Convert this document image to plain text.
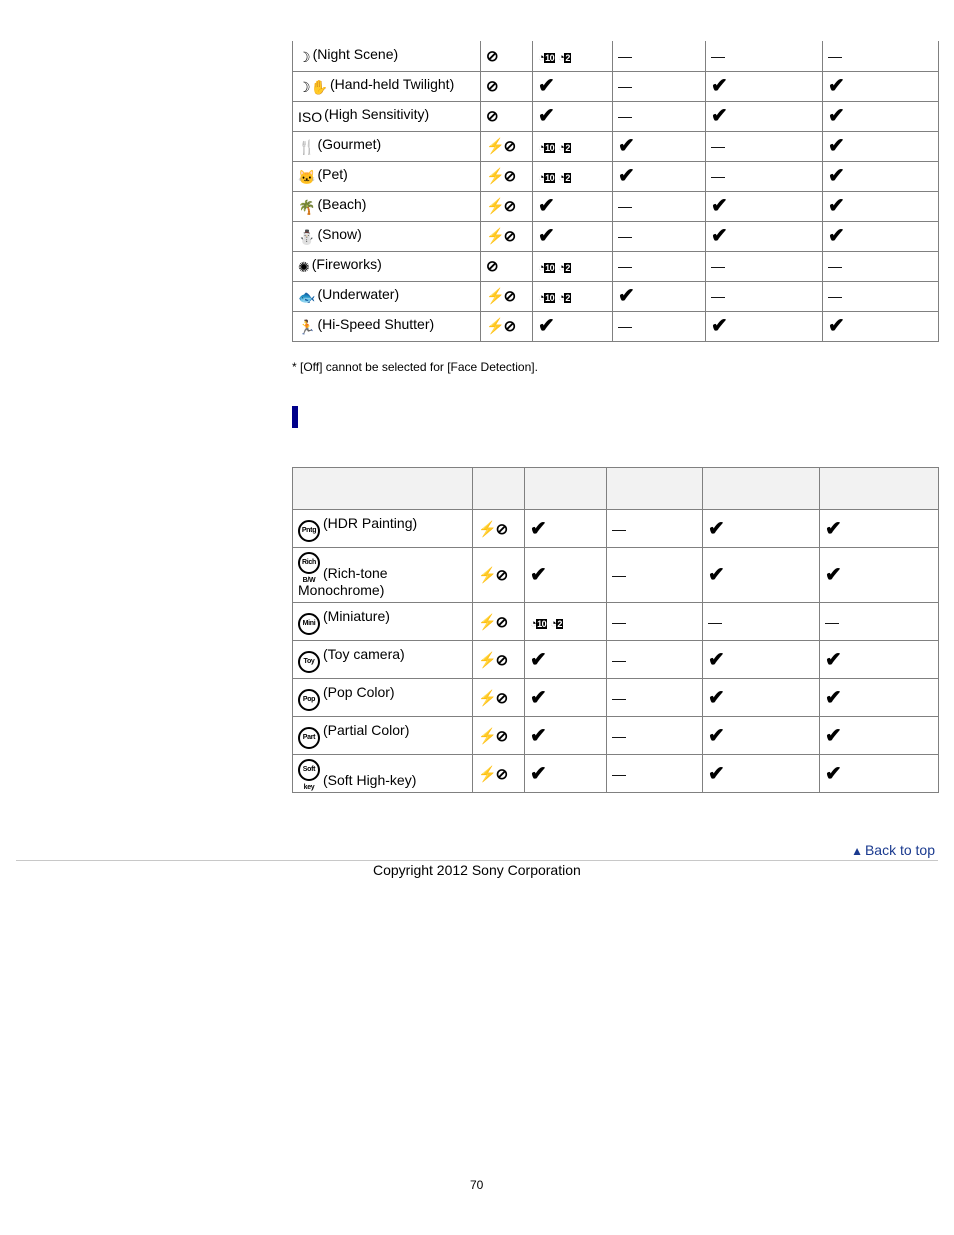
☽ (Night Scene)	⊘	◔10 ◔2	—	—	—
☽✋ (Hand-held Twilight)	⊘	✔	—	✔	✔
ISO (High Sensitivity)	⊘	✔	—	✔	✔
🍴 (Gourmet)	⚡⊘	◔10 ◔2	✔	—	✔
🐱 (Pet)	⚡⊘	◔10 ◔2	✔	—	✔
🌴 (Beach)	⚡⊘	✔	—	✔	✔
⛄ (Snow)	⚡⊘	✔	—	✔	✔
✺ (Fireworks)	⊘	◔10 ◔2	—	—	—
🐟 (Underwater)	⚡⊘	◔10 ◔2	✔	—	—
🏃 (Hi-Speed Shutter)	⚡⊘	✔	—	✔	✔
* [Off] cannot be selected for [Face Detection].

Pntg (HDR Painting)	⚡⊘	✔	—	✔	✔
Rich B/W (Rich-tone Monochrome)	⚡⊘	✔	—	✔	✔
Mini (Miniature)	⚡⊘	◔10 ◔2	—	—	—
Toy (Toy camera)	⚡⊘	✔	—	✔	✔
Pop (Pop Color)	⚡⊘	✔	—	✔	✔
Part (Partial Color)	⚡⊘	✔	—	✔	✔
Soft key (Soft High-key)	⚡⊘	✔	—	✔	✔
▲ Back to top
Copyright 2012 Sony Corporation
70
